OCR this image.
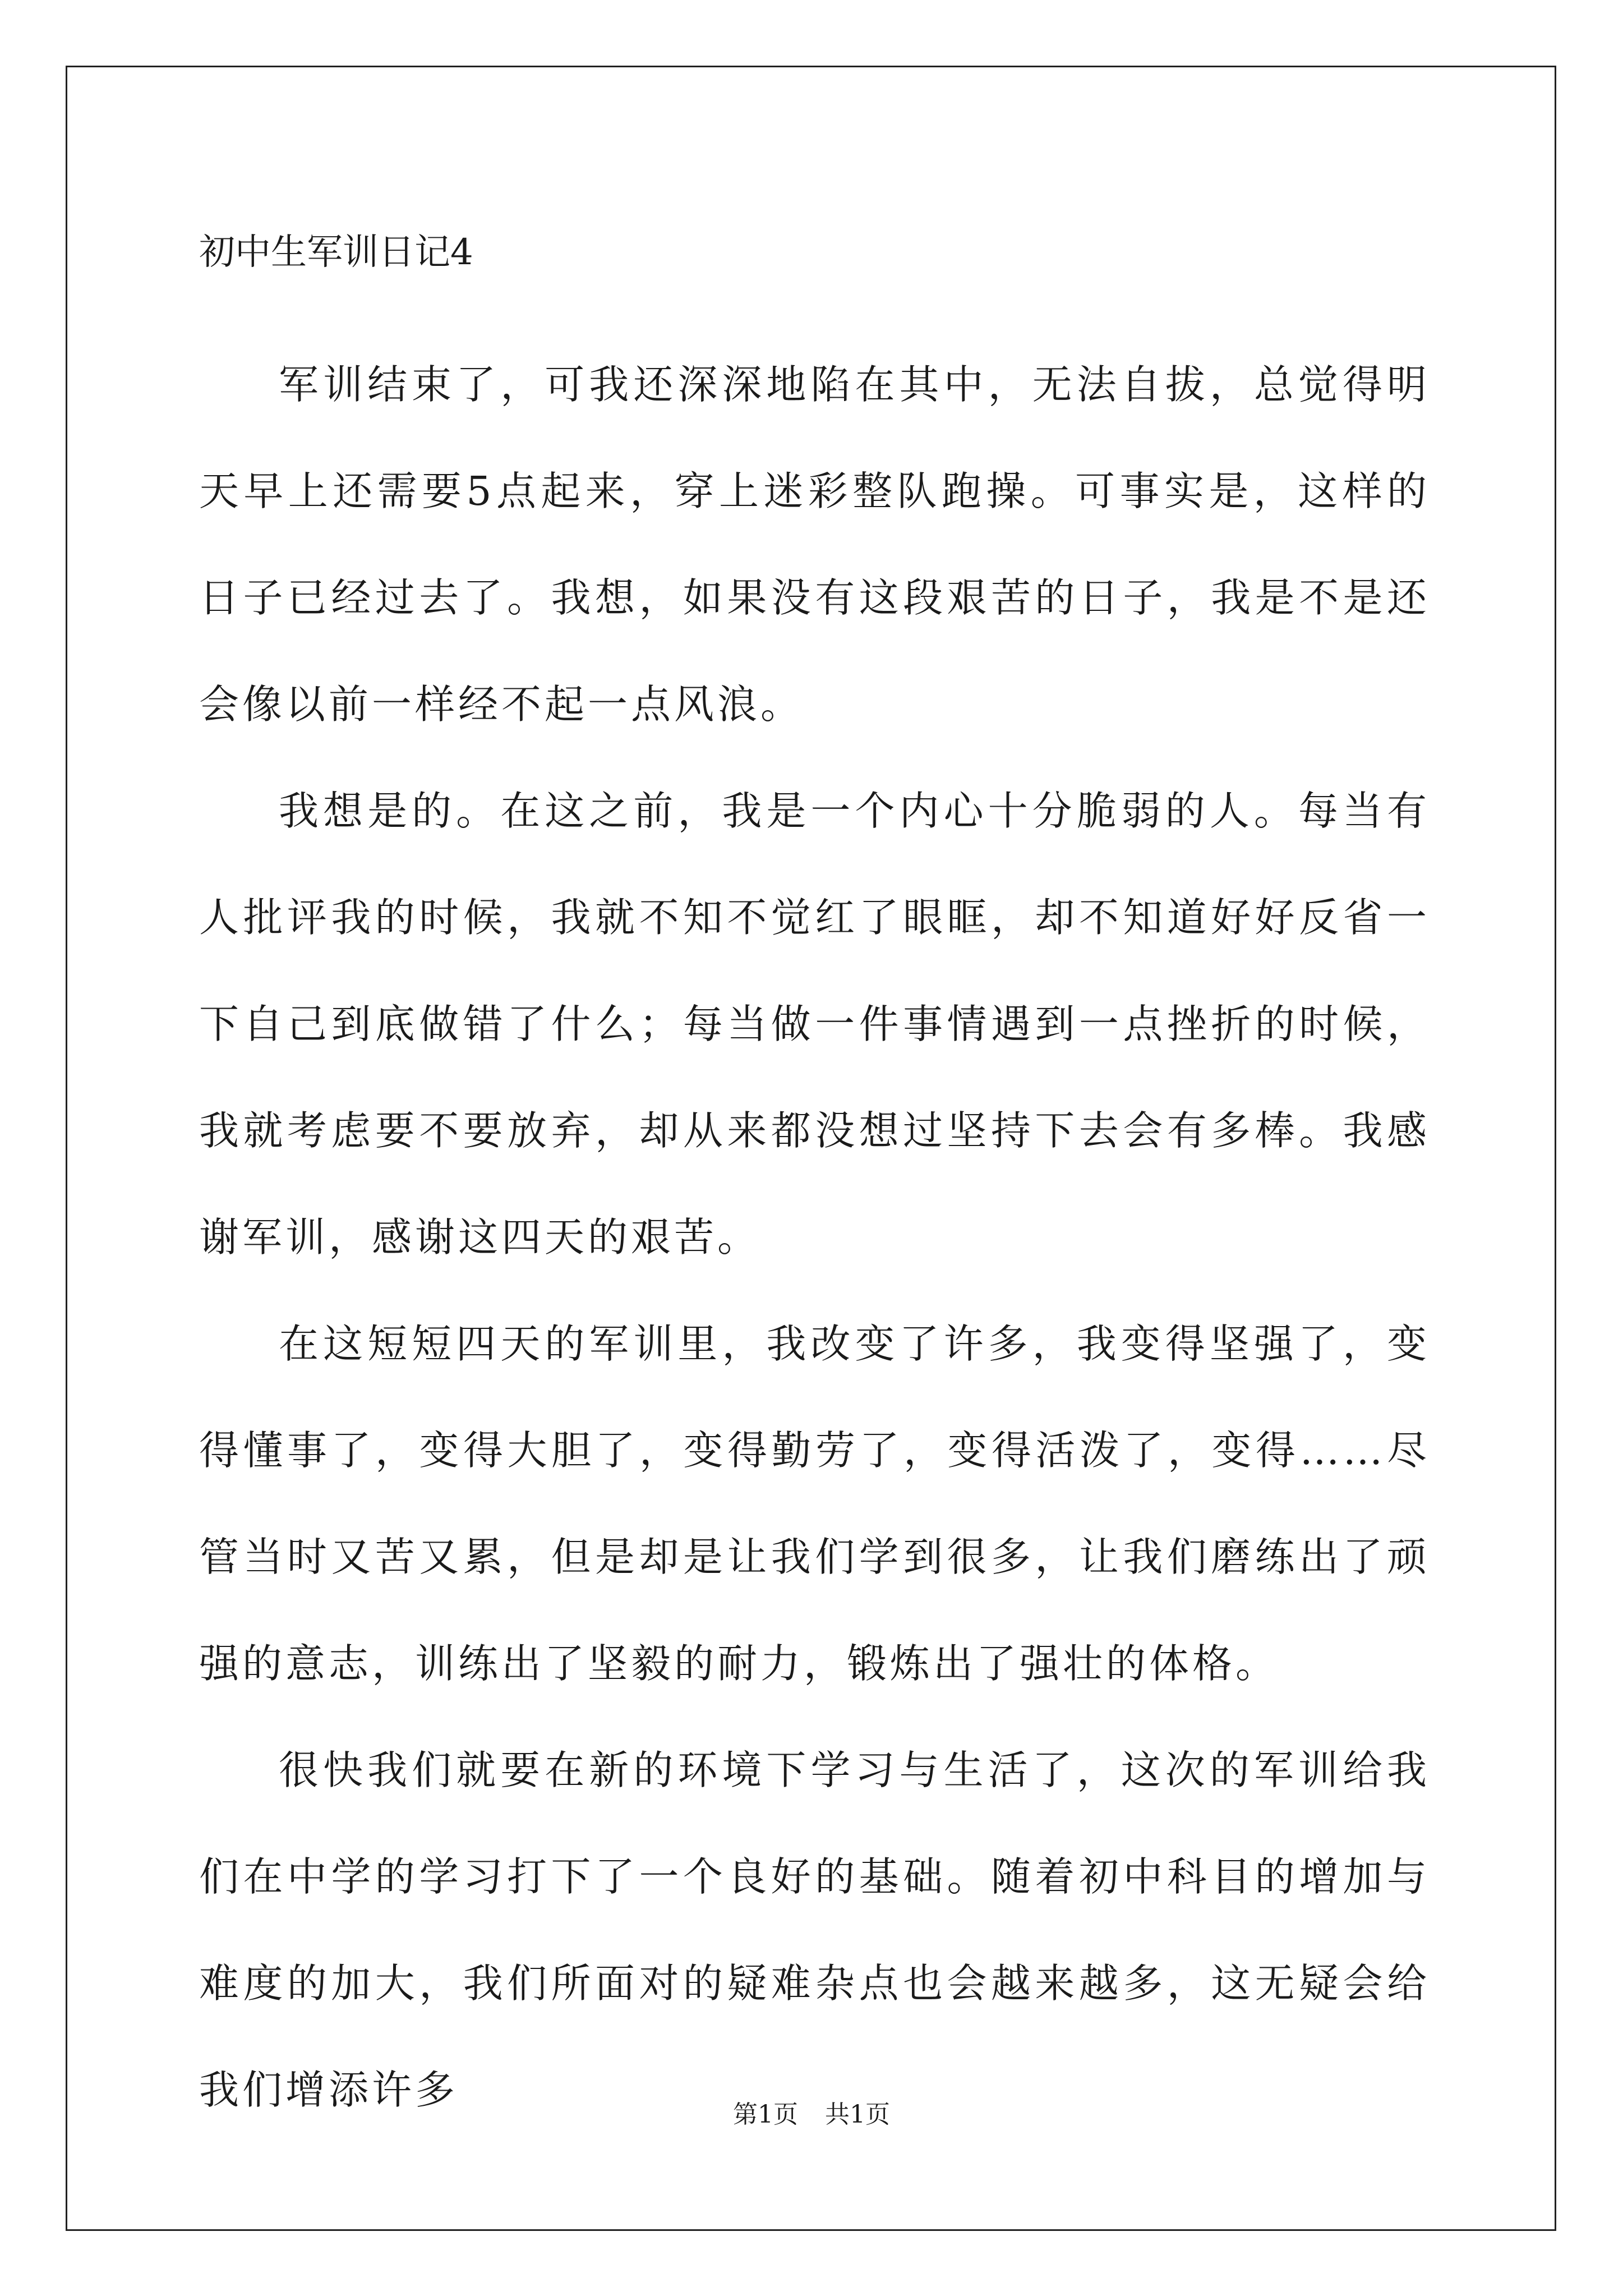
初中生军训日记4

军训结束了，可我还深深地陷在其中，无法自拔，总觉得明天早上还需要5点起来，穿上迷彩整队跑操。可事实是，这样的日子已经过去了。我想，如果没有这段艰苦的日子，我是不是还会像以前一样经不起一点风浪。

我想是的。在这之前，我是一个内心十分脆弱的人。每当有人批评我的时候，我就不知不觉红了眼眶，却不知道好好反省一下自己到底做错了什么；每当做一件事情遇到一点挫折的时候，我就考虑要不要放弃，却从来都没想过坚持下去会有多棒。我感谢军训，感谢这四天的艰苦。

在这短短四天的军训里，我改变了许多，我变得坚强了，变得懂事了，变得大胆了，变得勤劳了，变得活泼了，变得……尽管当时又苦又累，但是却是让我们学到很多，让我们磨练出了顽强的意志，训练出了坚毅的耐力，锻炼出了强壮的体格。

很快我们就要在新的环境下学习与生活了，这次的军训给我们在中学的学习打下了一个良好的基础。随着初中科目的增加与难度的加大，我们所面对的疑难杂点也会越来越多，这无疑会给我们增添许多

第1页 共1页
